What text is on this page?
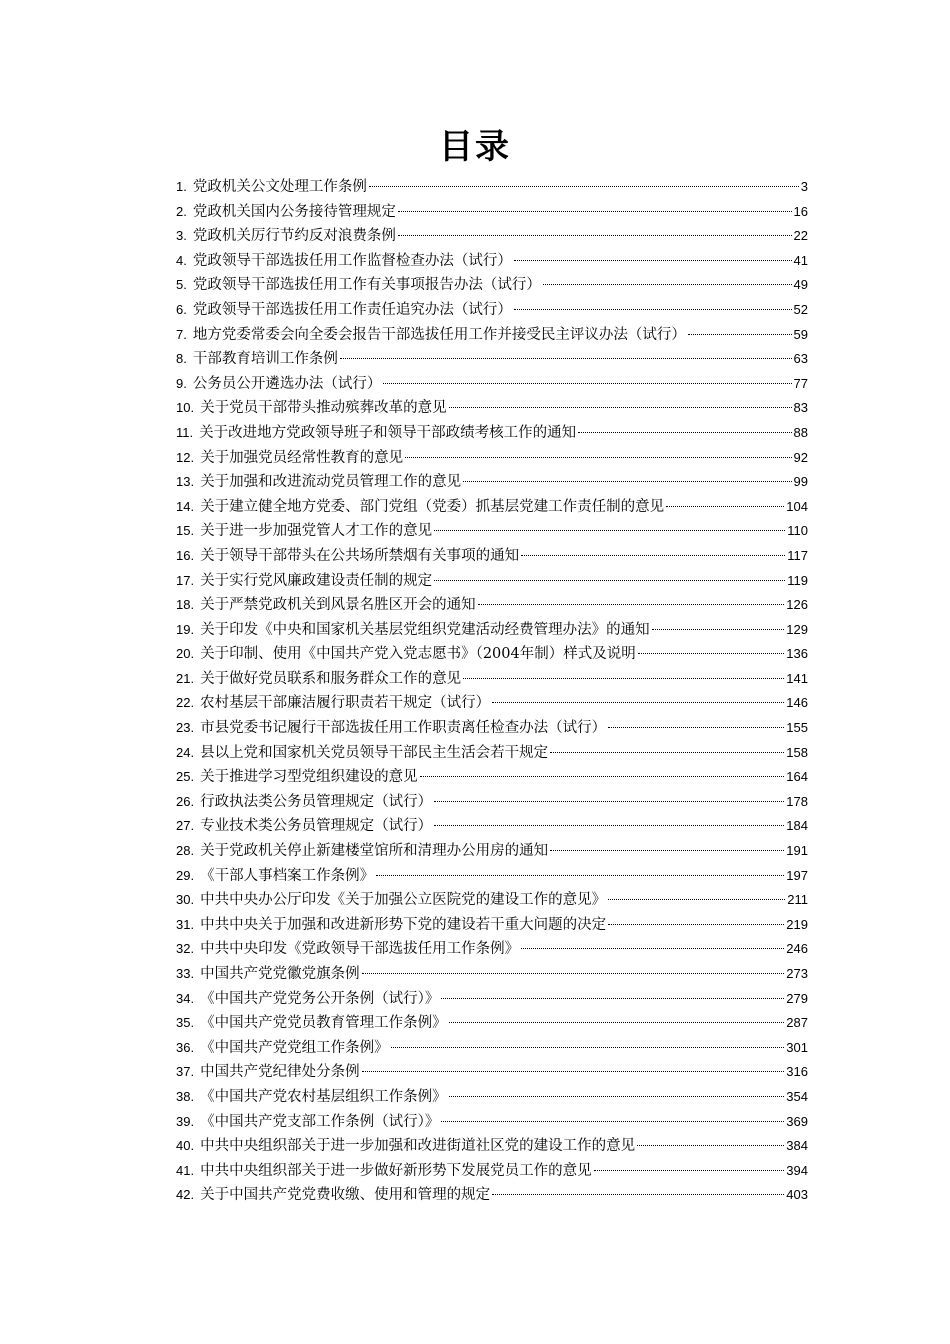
目录
1. 党政机关公文处理工作条例	3
2. 党政机关国内公务接待管理规定	16
3. 党政机关厉行节约反对浪费条例	22
4. 党政领导干部选拔任用工作监督检查办法（试行）	41
5. 党政领导干部选拔任用工作有关事项报告办法（试行）	49
6. 党政领导干部选拔任用工作责任追究办法（试行）	52
7. 地方党委常委会向全委会报告干部选拔任用工作并接受民主评议办法（试行）	59
8. 干部教育培训工作条例	63
9. 公务员公开遴选办法（试行）	77
10. 关于党员干部带头推动殡葬改革的意见	83
11. 关于改进地方党政领导班子和领导干部政绩考核工作的通知	88
12. 关于加强党员经常性教育的意见	92
13. 关于加强和改进流动党员管理工作的意见	99
14. 关于建立健全地方党委、部门党组（党委）抓基层党建工作责任制的意见	104
15. 关于进一步加强党管人才工作的意见	110
16. 关于领导干部带头在公共场所禁烟有关事项的通知	117
17. 关于实行党风廉政建设责任制的规定	119
18. 关于严禁党政机关到风景名胜区开会的通知	126
19. 关于印发《中央和国家机关基层党组织党建活动经费管理办法》的通知	129
20. 关于印制、使用《中国共产党入党志愿书》（2004年制）样式及说明	136
21. 关于做好党员联系和服务群众工作的意见	141
22. 农村基层干部廉洁履行职责若干规定（试行）	146
23. 市县党委书记履行干部选拔任用工作职责离任检查办法（试行）	155
24. 县以上党和国家机关党员领导干部民主生活会若干规定	158
25. 关于推进学习型党组织建设的意见	164
26. 行政执法类公务员管理规定（试行）	178
27. 专业技术类公务员管理规定（试行）	184
28. 关于党政机关停止新建楼堂馆所和清理办公用房的通知	191
29. 《干部人事档案工作条例》	197
30. 中共中央办公厅印发《关于加强公立医院党的建设工作的意见》	211
31. 中共中央关于加强和改进新形势下党的建设若干重大问题的决定	219
32. 中共中央印发《党政领导干部选拔任用工作条例》	246
33. 中国共产党党徽党旗条例	273
34. 《中国共产党党务公开条例（试行）》	279
35. 《中国共产党党员教育管理工作条例》	287
36. 《中国共产党党组工作条例》	301
37. 中国共产党纪律处分条例	316
38. 《中国共产党农村基层组织工作条例》	354
39. 《中国共产党支部工作条例（试行）》	369
40. 中共中央组织部关于进一步加强和改进街道社区党的建设工作的意见	384
41. 中共中央组织部关于进一步做好新形势下发展党员工作的意见	394
42. 关于中国共产党党费收缴、使用和管理的规定	403
